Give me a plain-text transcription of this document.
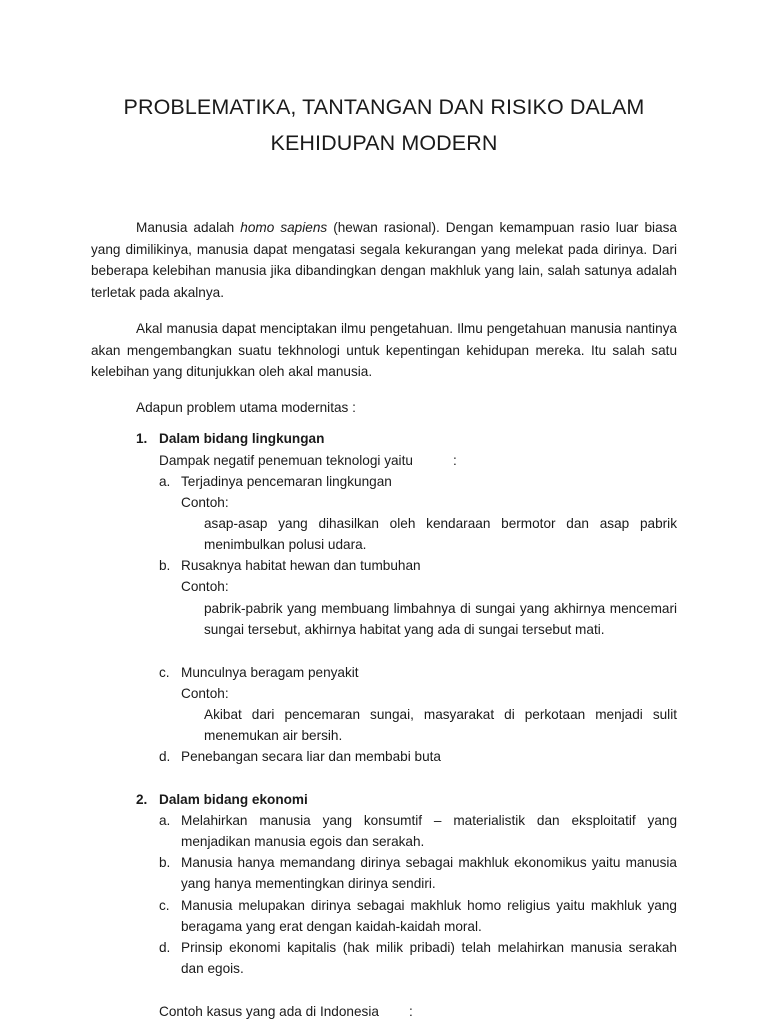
PROBLEMATIKA, TANTANGAN DAN RISIKO DALAM
KEHIDUPAN MODERN
Manusia adalah homo sapiens (hewan rasional). Dengan kemampuan rasio luar biasa yang dimilikinya, manusia dapat mengatasi segala kekurangan yang melekat pada dirinya. Dari beberapa kelebihan manusia jika dibandingkan dengan makhluk yang lain, salah satunya adalah terletak pada akalnya.
Akal manusia dapat menciptakan ilmu pengetahuan. Ilmu pengetahuan manusia nantinya akan mengembangkan suatu tekhnologi untuk kepentingan kehidupan mereka. Itu salah satu kelebihan yang ditunjukkan oleh akal manusia.
Adapun problem utama modernitas :
1. Dalam bidang lingkungan
Dampak negatif penemuan teknologi yaitu	:
a. Terjadinya pencemaran lingkungan
Contoh:
asap-asap yang dihasilkan oleh kendaraan bermotor dan asap pabrik menimbulkan polusi udara.
b. Rusaknya habitat hewan dan tumbuhan
Contoh:
pabrik-pabrik yang membuang limbahnya di sungai yang akhirnya mencemari sungai tersebut, akhirnya habitat yang ada di sungai tersebut mati.
c. Munculnya beragam penyakit
Contoh:
Akibat dari pencemaran sungai, masyarakat di perkotaan menjadi sulit menemukan air bersih.
d. Penebangan secara liar dan membabi buta
2. Dalam bidang ekonomi
a. Melahirkan manusia yang konsumtif – materialistik dan eksploitatif yang menjadikan manusia egois dan serakah.
b. Manusia hanya memandang dirinya sebagai makhluk ekonomikus yaitu manusia yang hanya mementingkan dirinya sendiri.
c. Manusia melupakan dirinya sebagai makhluk homo religius yaitu makhluk yang beragama yang erat dengan kaidah-kaidah moral.
d. Prinsip ekonomi kapitalis (hak milik pribadi) telah melahirkan manusia serakah dan egois.
Contoh kasus yang ada di Indonesia :
